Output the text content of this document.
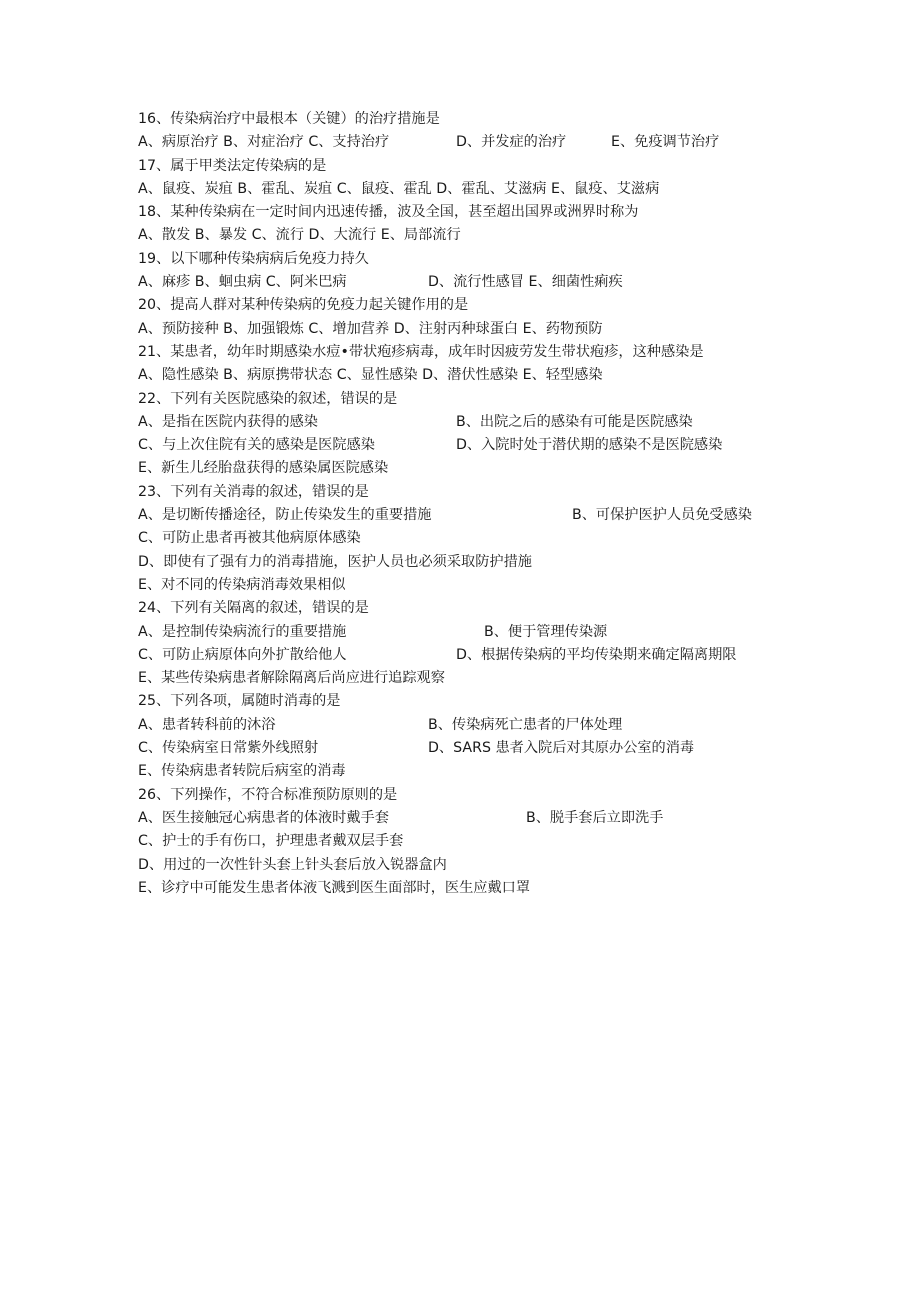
16、传染病治疗中最根本（关键）的治疗措施是
A、病原治疗 B、对症治疗 C、支持治疗	D、并发症的治疗	E、免疫调节治疗
17、属于甲类法定传染病的是
A、鼠疫、炭疽 B、霍乱、炭疽 C、鼠疫、霍乱 D、霍乱、艾滋病 E、鼠疫、艾滋病
18、某种传染病在一定时间内迅速传播，波及全国，甚至超出国界或洲界时称为
A、散发 B、暴发 C、流行 D、大流行 E、局部流行
19、以下哪种传染病病后免疫力持久
A、麻疹 B、蛔虫病 C、阿米巴病	D、流行性感冒 E、细菌性痢疾
20、提高人群对某种传染病的免疫力起关键作用的是
A、预防接种 B、加强锻炼 C、增加营养 D、注射丙种球蛋白 E、药物预防
21、某患者，幼年时期感染水痘•带状疱疹病毒，成年时因疲劳发生带状疱疹，这种感染是
A、隐性感染 B、病原携带状态 C、显性感染 D、潜伏性感染 E、轻型感染
22、下列有关医院感染的叙述，错误的是
A、是指在医院内获得的感染	B、出院之后的感染有可能是医院感染
C、与上次住院有关的感染是医院感染	D、入院时处于潜伏期的感染不是医院感染
E、新生儿经胎盘获得的感染属医院感染
23、下列有关消毒的叙述，错误的是
A、是切断传播途径，防止传染发生的重要措施	B、可保护医护人员免受感染
C、可防止患者再被其他病原体感染
D、即使有了强有力的消毒措施，医护人员也必须采取防护措施
E、对不同的传染病消毒效果相似
24、下列有关隔离的叙述，错误的是
A、是控制传染病流行的重要措施	B、便于管理传染源
C、可防止病原体向外扩散给他人	D、根据传染病的平均传染期来确定隔离期限
E、某些传染病患者解除隔离后尚应进行追踪观察
25、下列各项，属随时消毒的是
A、患者转科前的沐浴	B、传染病死亡患者的尸体处理
C、传染病室日常紫外线照射	D、SARS 患者入院后对其原办公室的消毒
E、传染病患者转院后病室的消毒
26、下列操作，不符合标准预防原则的是
A、医生接触冠心病患者的体液时戴手套	B、脱手套后立即洗手
C、护士的手有伤口，护理患者戴双层手套
D、用过的一次性针头套上针头套后放入锐器盒内
E、诊疗中可能发生患者体液飞溅到医生面部时，医生应戴口罩
